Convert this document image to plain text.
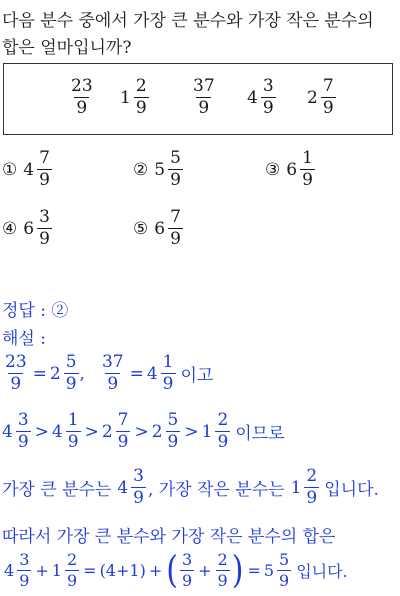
다음 분수 중에서 가장 큰 분수와 가장 작은 분수의
합은 얼마입니까?
$\frac{23}{9} 1 \frac{2}{9} \frac{37}{9} 4 \frac{3}{9} 2 \frac{7}{9}$
① $4 \frac{7}{9}$	② $5 \frac{5}{9}$	③ $6 \frac{1}{9}$
④ $6 \frac{3}{9}$	⑤ $6 \frac{7}{9}$
정답 : ②
해설 :
$\frac{23}{9} = 2 \frac{5}{9}$ , $\frac{37}{9} = 4 \frac{1}{9}$ 이고
$4 \frac{3}{9} > 4 \frac{1}{9} > 2 \frac{7}{9} > 2 \frac{5}{9} > 1 \frac{2}{9}$ 이므로
가장 큰 분수는 $4 \frac{3}{9}$ , 가장 작은 분수는 $1 \frac{2}{9}$ 입니다.
따라서 가장 큰 분수와 가장 작은 분수의 합은
$4 \frac{3}{9} + 1 \frac{2}{9} = (4+1)$ + ( $\frac{3}{9} + \frac{2}{9}$ ) = $5 \frac{5}{9}$ 입니다.
